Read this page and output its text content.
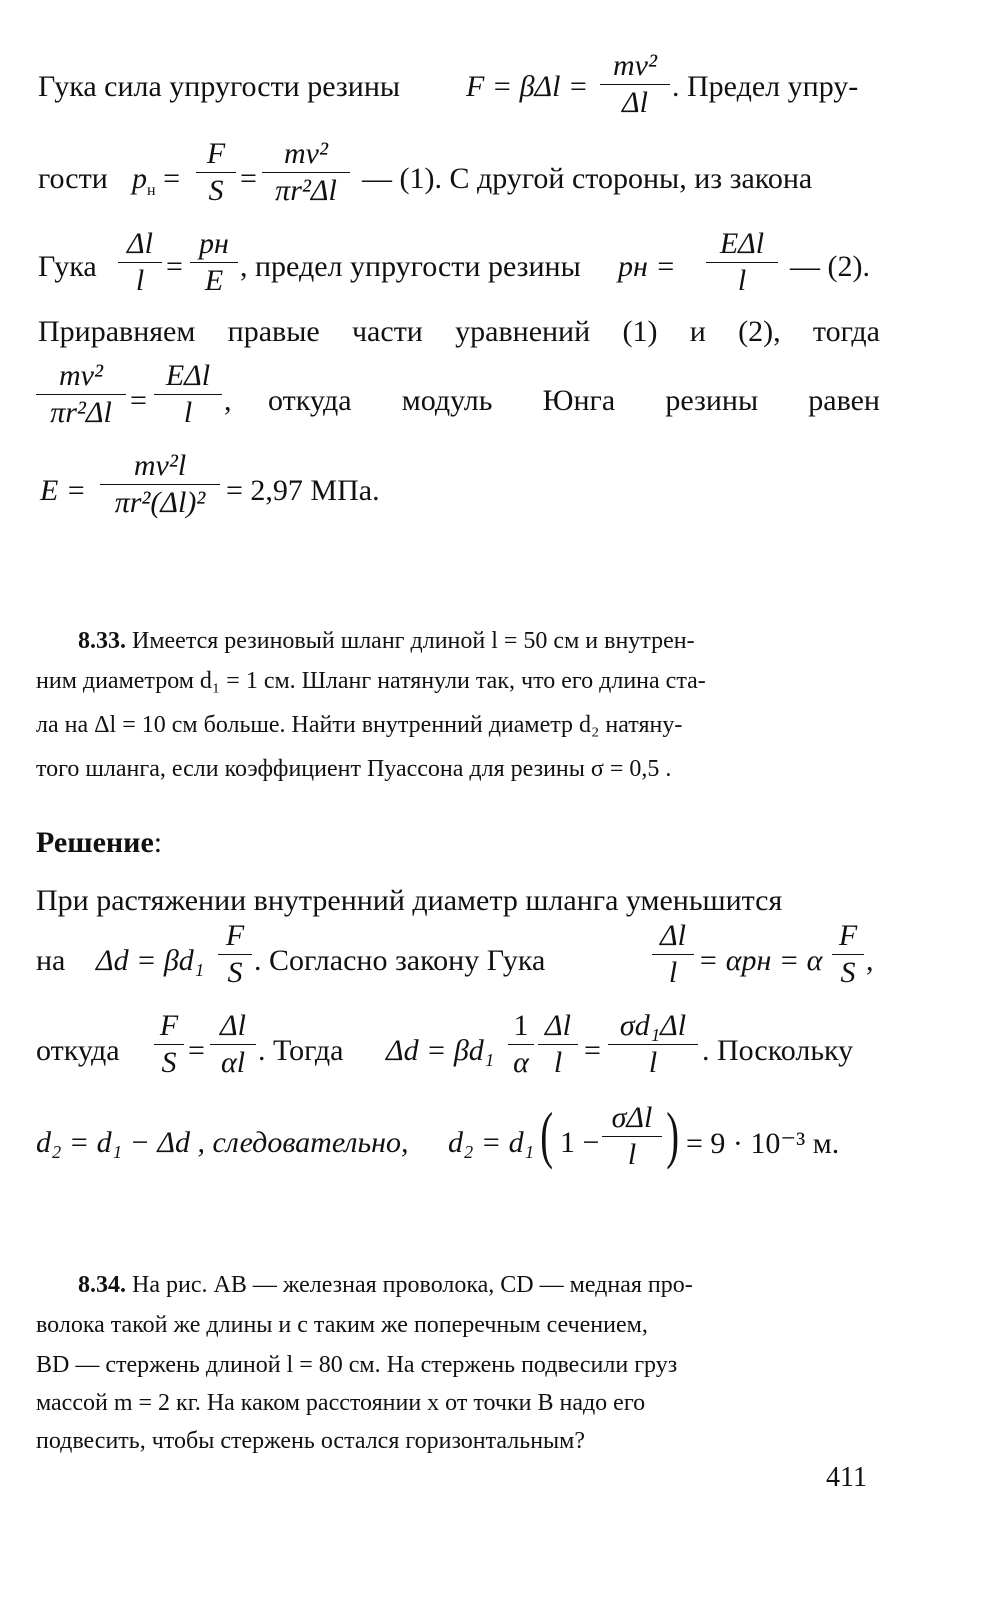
Гука сила упругости резины F = βΔl =
mv²
Δl . Предел упру-
гости $p_н$ =
F
S =
mv²
πr²Δl — (1). С другой стороны, из закона
Гука
Δl
l =
pн
E , предел упругости резины pн =
EΔl
l	— (2).
Приравняем правые части уравнений (1) и (2), тогда
mv²
πr²Δl =
EΔl
l	, откуда модуль Юнга резины равен
E =
mv²l
πr²(Δl)² = 2,97 МПа.
8.33. Имеется резиновый шланг длиной l = 50 см и внутрен-
ним диаметром d₁ = 1 см. Шланг натянули так, что его длина ста-
ла на Δl = 10 см больше. Найти внутренний диаметр d₂ натяну-
того шланга, если коэффициент Пуассона для резины σ = 0,5 .
Решение:
При растяжении внутренний диаметр шланга уменьшится
на Δd = βd₁
F
S . Согласно закону Гука
Δl
l = αpн = α
F
S ,
откуда
F
S =
Δl
αl . Тогда Δd = βd₁
1
α
Δl
l =
σd₁Δl
l	. Поскольку
d₂ = d₁ − Δd , следовательно, d₂ = d₁ ( 1 −
σΔl
l ) = 9 · 10⁻³ м.
8.34. На рис. AB — железная проволока, CD — медная про-
волока такой же длины и с таким же поперечным сечением,
BD — стержень длиной l = 80 см. На стержень подвесили груз
массой m = 2 кг. На каком расстоянии x от точки B надо его
подвесить, чтобы стержень остался горизонтальным?
411
